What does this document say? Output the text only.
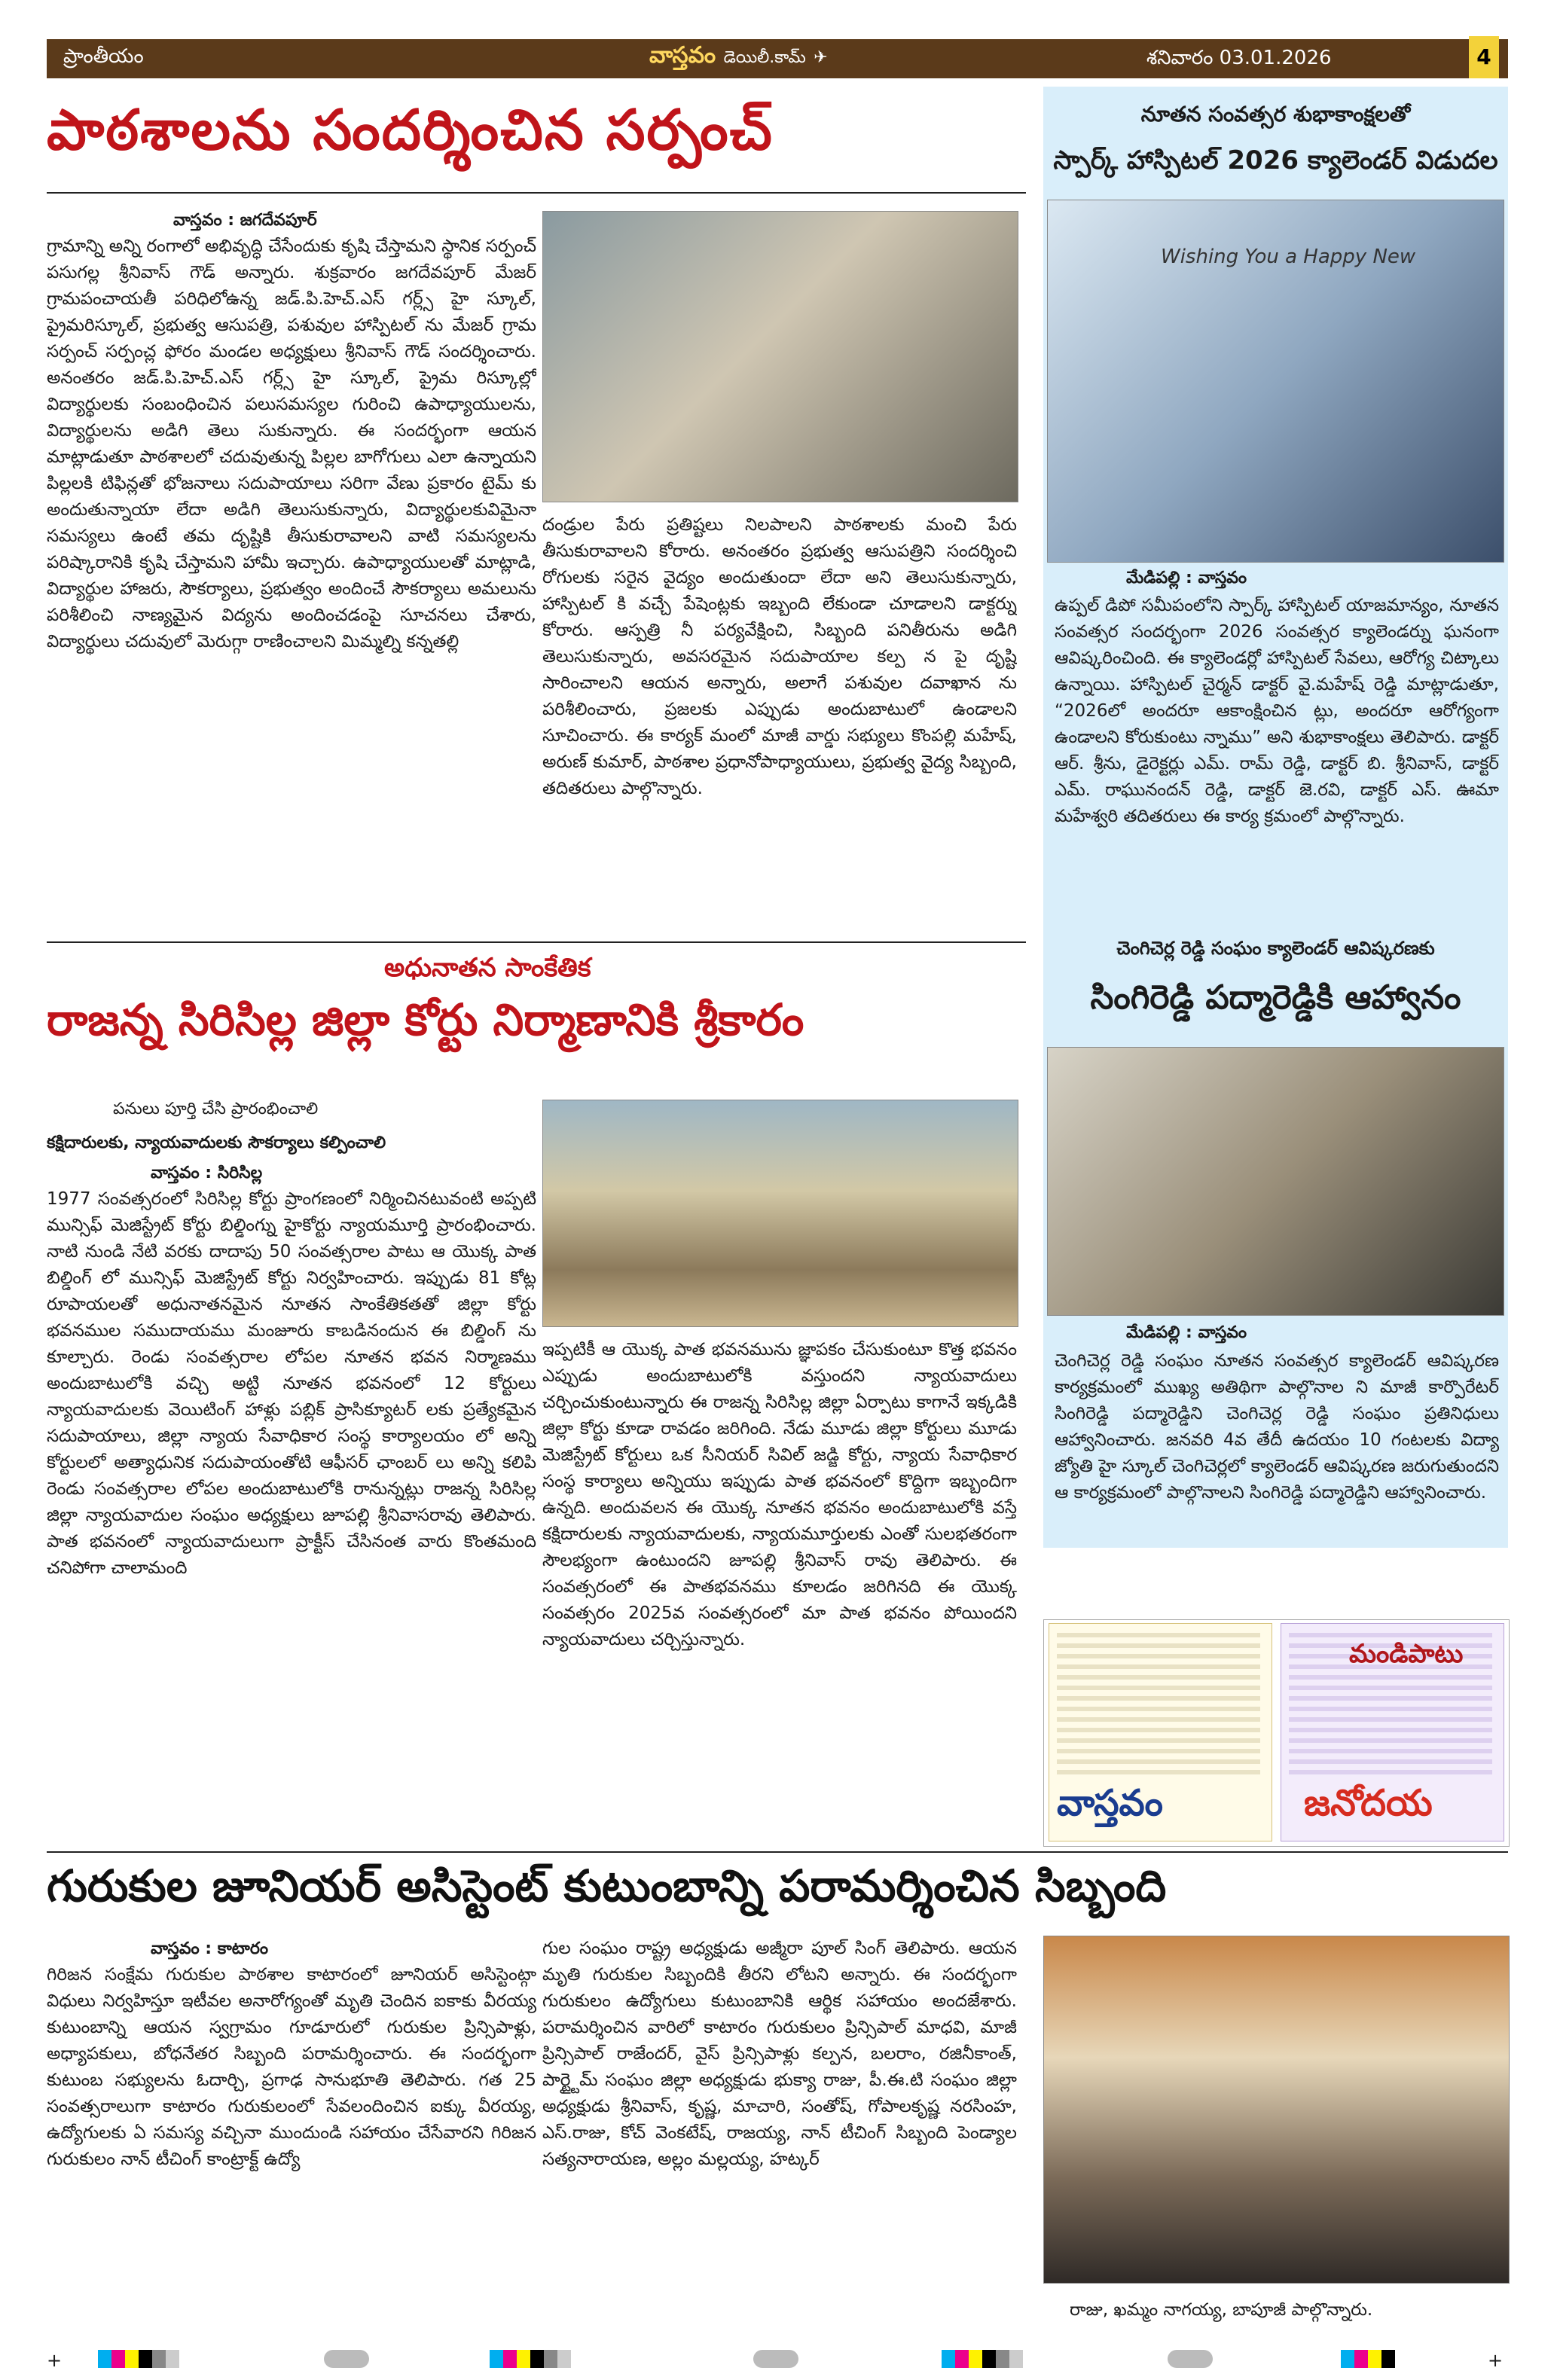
ప్రాంతీయం	వాస్తవం డెయిలీ.కామ్ ✈	శనివారం 03.01.2026	4
పాఠశాలను సందర్శించిన సర్పంచ్
వాస్తవం : జగదేవపూర్
గ్రామాన్ని అన్ని రంగాలో అభివృద్ధి చేసేందుకు కృషి చేస్తామని స్థానిక సర్పంచ్ పసుగల్ల శ్రీనివాస్ గౌడ్ అన్నారు. శుక్రవారం జగదేవపూర్ మేజర్ గ్రామపంచాయతీ పరిధిలోఉన్న జడ్.పి.హెచ్.ఎస్ గర్ల్స్ హై స్కూల్, ప్రైమరిస్కూల్, ప్రభుత్వ ఆసుపత్రి, పశువుల హాస్పిటల్ ను మేజర్ గ్రామ సర్పంచ్ సర్పంచ్ల ఫోరం మండల అధ్యక్షులు శ్రీనివాస్ గౌడ్ సందర్శించారు. అనంతరం జడ్.పి.హెచ్.ఎస్ గర్ల్స్ హై స్కూల్, ప్రైమ రిస్కూల్లో విద్యార్థులకు సంబంధించిన పలుసమస్యల గురించి ఉపాధ్యాయులను, విద్యార్థులను అడిగి తెలు సుకున్నారు. ఈ సందర్భంగా ఆయన మాట్లాడుతూ పాఠశాలలో చదువుతున్న పిల్లల బాగోగులు ఎలా ఉన్నాయని పిల్లలకి టిఫిన్లతో భోజనాలు సదుపాయాలు సరిగా వేణు ప్రకారం టైమ్ కు అందుతున్నాయా లేదా అడిగి తెలుసుకున్నారు, విద్యార్థులకువిమైనా సమస్యలు ఉంటే తమ దృష్టికి తీసుకురావాలని వాటి సమస్యలను పరిష్కారానికి కృషి చేస్తామని హామీ ఇచ్చారు. ఉపాధ్యాయులతో మాట్లాడి, విద్యార్థుల హాజరు, సౌకర్యాలు, ప్రభుత్వం అందించే సౌకర్యాలు అమలును పరిశీలించి నాణ్యమైన విద్యను అందించడంపై సూచనలు చేశారు, విద్యార్థులు చదువులో మెరుగ్గా రాణించాలని మిమ్మల్ని కన్నతల్లి
దండ్రుల పేరు ప్రతిష్టలు నిలపాలని పాఠశాలకు మంచి పేరు తీసుకురావాలని కోరారు. అనంతరం ప్రభుత్వ ఆసుపత్రిని సందర్శించి రోగులకు సరైన వైద్యం అందుతుందా లేదా అని తెలుసుకున్నారు, హాస్పిటల్ కి వచ్చే పేషెంట్లకు ఇబ్బంది లేకుండా చూడాలని డాక్టర్ను కోరారు. ఆస్పత్రి నీ పర్యవేక్షించి, సిబ్బంది పనితీరును అడిగి తెలుసుకున్నారు, అవసరమైన సదుపాయాల కల్ప న పై దృష్టి సారించాలని ఆయన అన్నారు, అలాగే పశువుల దవాఖాన ను పరిశీలించారు, ప్రజలకు ఎప్పుడు అందుబాటులో ఉండాలని సూచించారు. ఈ కార్యక్ మంలో మాజీ వార్డు సభ్యులు కొంపల్లి మహేష్, అరుణ్ కుమార్, పాఠశాల ప్రధానోపాధ్యాయులు, ప్రభుత్వ వైద్య సిబ్బంది, తదితరులు పాల్గొన్నారు.
నూతన సంవత్సర శుభాకాంక్షలతో
స్పార్క్ హాస్పిటల్ 2026 క్యాలెండర్ విడుదల
Wishing You a Happy New
మేడిపల్లి : వాస్తవం
ఉప్పల్ డిపో సమీపంలోని స్పార్క్ హాస్పిటల్ యాజమాన్యం, నూతన సంవత్సర సందర్భంగా 2026 సంవత్సర క్యాలెండర్ను ఘనంగా ఆవిష్కరించింది. ఈ క్యాలెండర్లో హాస్పిటల్ సేవలు, ఆరోగ్య చిట్కాలు ఉన్నాయి. హాస్పిటల్ చైర్మన్ డాక్టర్ వై.మహేష్ రెడ్డి మాట్లాడుతూ, “2026లో అందరూ ఆకాంక్షించిన ట్లు, అందరూ ఆరోగ్యంగా ఉండాలని కోరుకుంటు న్నాము” అని శుభాకాంక్షలు తెలిపారు. డాక్టర్ ఆర్. శ్రీను, డైరెక్టర్లు ఎమ్. రామ్ రెడ్డి, డాక్టర్ బి. శ్రీనివాస్, డాక్టర్ ఎమ్. రాఘునందన్ రెడ్డి, డాక్టర్ జె.రవి, డాక్టర్ ఎస్. ఊమా మహేశ్వరి తదితరులు ఈ కార్య క్రమంలో పాల్గొన్నారు.
చెంగిచెర్ల రెడ్డి సంఘం క్యాలెండర్ ఆవిష్కరణకు
సింగిరెడ్డి పద్మారెడ్డికి ఆహ్వానం
మేడిపల్లి : వాస్తవం
చెంగిచెర్ల రెడ్డి సంఘం నూతన సంవత్సర క్యాలెండర్ ఆవిష్కరణ కార్యక్రమంలో ముఖ్య అతిథిగా పాల్గొనాల ని మాజీ కార్పొరేటర్ సింగిరెడ్డి పద్మారెడ్డిని చెంగిచెర్ల రెడ్డి సంఘం ప్రతినిధులు ఆహ్వానించారు. జనవరి 4వ తేదీ ఉదయం 10 గంటలకు విద్యా జ్యోతి హై స్కూల్ చెంగిచెర్లలో క్యాలెండర్ ఆవిష్కరణ జరుగుతుందని ఆ కార్యక్రమంలో పాల్గొనాలని సింగిరెడ్డి పద్మారెడ్డిని ఆహ్వానించారు.
అధునాతన సాంకేతిక
రాజన్న సిరిసిల్ల జిల్లా కోర్టు నిర్మాణానికి శ్రీకారం
పనులు పూర్తి చేసి ప్రారంభించాలి
కక్షిదారులకు, న్యాయవాదులకు సౌకర్యాలు కల్పించాలి
వాస్తవం : సిరిసిల్ల
1977 సంవత్సరంలో సిరిసిల్ల కోర్టు ప్రాంగణంలో నిర్మించినటువంటి అప్పటి మున్సిఫ్ మెజిస్ట్రేట్ కోర్టు బిల్డింగ్ను హైకోర్టు న్యాయమూర్తి ప్రారంభించారు. నాటి నుండి నేటి వరకు దాదాపు 50 సంవత్సరాల పాటు ఆ యొక్క పాత బిల్డింగ్ లో మున్సిఫ్ మెజిస్ట్రేట్ కోర్టు నిర్వహించారు. ఇప్పుడు 81 కోట్ల రూపాయలతో అధునాతనమైన నూతన సాంకేతికతతో జిల్లా కోర్టు భవనముల సముదాయము మంజూరు కాబడినందున ఈ బిల్డింగ్ ను కూల్చారు. రెండు సంవత్సరాల లోపల నూతన భవన నిర్మాణము అందుబాటులోకి వచ్చి అట్టి నూతన భవనంలో 12 కోర్టులు న్యాయవాదులకు వెయిటింగ్ హాళ్లు పబ్లిక్ ప్రాసిక్యూటర్ లకు ప్రత్యేకమైన సదుపాయాలు, జిల్లా న్యాయ సేవాధికార సంస్థ కార్యాలయం లో అన్ని కోర్టులలో అత్యాధునిక సదుపాయంతోటి ఆఫీసర్ ఛాంబర్ లు అన్ని కలిపి రెండు సంవత్సరాల లోపల అందుబాటులోకి రానున్నట్లు రాజన్న సిరిసిల్ల జిల్లా న్యాయవాదుల సంఘం అధ్యక్షులు జూపల్లి శ్రీనివాసరావు తెలిపారు. పాత భవనంలో న్యాయవాదులుగా ప్రాక్టీస్ చేసినంత వారు కొంతమంది చనిపోగా చాలామంది
ఇప్పటికీ ఆ యొక్క పాత భవనమును జ్ఞాపకం చేసుకుంటూ కొత్త భవనం ఎప్పుడు అందుబాటులోకి వస్తుందని న్యాయవాదులు చర్చించుకుంటున్నారు ఈ రాజన్న సిరిసిల్ల జిల్లా ఏర్పాటు కాగానే ఇక్కడికి జిల్లా కోర్టు కూడా రావడం జరిగింది. నేడు మూడు జిల్లా కోర్టులు మూడు మెజిస్ట్రేట్ కోర్టులు ఒక సీనియర్ సివిల్ జడ్జి కోర్టు, న్యాయ సేవాధికార సంస్థ కార్యాలు అన్నియు ఇప్పుడు పాత భవనంలో కొద్దిగా ఇబ్బందిగా ఉన్నది. అందువలన ఈ యొక్క నూతన భవనం అందుబాటులోకి వస్తే కక్షిదారులకు న్యాయవాదులకు, న్యాయమూర్తులకు ఎంతో సులభతరంగా సౌలభ్యంగా ఉంటుందని జూపల్లి శ్రీనివాస్ రావు తెలిపారు. ఈ సంవత్సరంలో ఈ పాతభవనము కూలడం జరిగినది ఈ యొక్క సంవత్సరం 2025వ సంవత్సరంలో మా పాత భవనం పోయిందని న్యాయవాదులు చర్చిస్తున్నారు.
వాస్తవం
మండిపాటు
జనోదయ
గురుకుల జూనియర్ అసిస్టెంట్ కుటుంబాన్ని పరామర్శించిన సిబ్బంది
వాస్తవం : కాటారం
గిరిజన సంక్షేమ గురుకుల పాఠశాల కాటారంలో జూనియర్ అసిస్టెంట్గా విధులు నిర్వహిస్తూ ఇటీవల అనారోగ్యంతో మృతి చెందిన ఐకాకు వీరయ్య కుటుంబాన్ని ఆయన స్వగ్రామం గూడూరులో గురుకుల ప్రిన్సిపాళ్లు, అధ్యాపకులు, బోధనేతర సిబ్బంది పరామర్శించారు. ఈ సందర్భంగా కుటుంబ సభ్యులను ఓదార్చి, ప్రగాఢ సానుభూతి తెలిపారు. గత 25 సంవత్సరాలుగా కాటారం గురుకులంలో సేవలందించిన ఐక్కు వీరయ్య, ఉద్యోగులకు ఏ సమస్య వచ్చినా ముందుండి సహాయం చేసేవారని గిరిజన గురుకులం నాన్ టీచింగ్ కాంట్రాక్ట్ ఉద్యో
గుల సంఘం రాష్ట్ర అధ్యక్షుడు అజ్మీరా పూల్ సింగ్ తెలిపారు. ఆయన మృతి గురుకుల సిబ్బందికి తీరని లోటని అన్నారు. ఈ సందర్భంగా గురుకులం ఉద్యోగులు కుటుంబానికి ఆర్థిక సహాయం అందజేశారు. పరామర్శించిన వారిలో కాటారం గురుకులం ప్రిన్సిపాల్ మాధవి, మాజీ ప్రిన్సిపాల్ రాజేందర్, వైస్ ప్రిన్సిపాళ్లు కల్పన, బలరాం, రజినీకాంత్, పార్ట్టైమ్ సంఘం జిల్లా అధ్యక్షుడు భుక్యా రాజు, పీ.ఈ.టి సంఘం జిల్లా అధ్యక్షుడు శ్రీనివాస్, కృష్ణ, మాచారి, సంతోష్, గోపాలకృష్ణ నరసింహ, ఎస్.రాజు, కోచ్ వెంకటేష్, రాజయ్య, నాన్ టీచింగ్ సిబ్బంది పెండ్యాల సత్యనారాయణ, అల్లం మల్లయ్య, హట్కర్
రాజు, ఖమ్మం నాగయ్య, బాపూజీ పాల్గొన్నారు.
+	+
